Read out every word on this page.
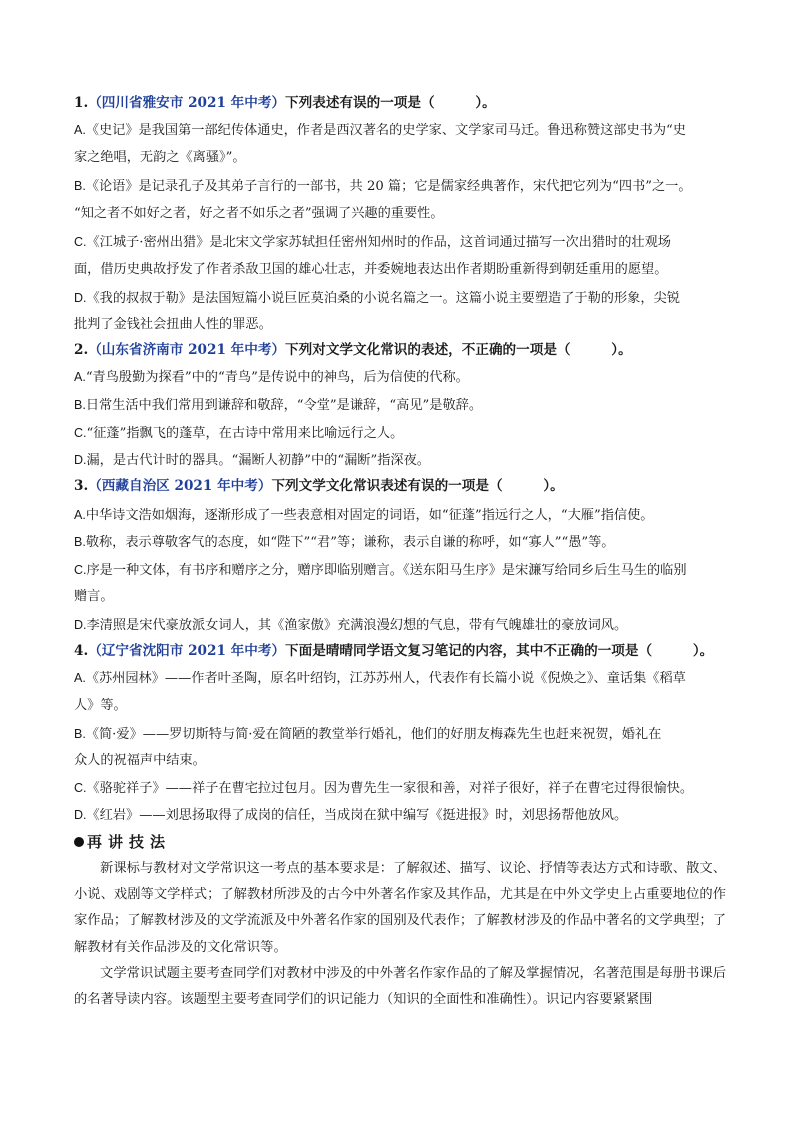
1.（四川省雅安市 2021 年中考）下列表述有误的一项是（　　　）。
A.《史记》是我国第一部纪传体通史，作者是西汉著名的史学家、文学家司马迁。鲁迅称赞这部史书为“史
家之绝唱，无韵之《离骚》”。
B.《论语》是记录孔子及其弟子言行的一部书，共 20 篇；它是儒家经典著作，宋代把它列为“四书”之一。
“知之者不如好之者，好之者不如乐之者”强调了兴趣的重要性。
C.《江城子·密州出猎》是北宋文学家苏轼担任密州知州时的作品，这首词通过描写一次出猎时的壮观场
面，借历史典故抒发了作者杀敌卫国的雄心壮志，并委婉地表达出作者期盼重新得到朝廷重用的愿望。
D.《我的叔叔于勒》是法国短篇小说巨匠莫泊桑的小说名篇之一。这篇小说主要塑造了于勒的形象，尖锐
批判了金钱社会扭曲人性的罪恶。
2.（山东省济南市 2021 年中考）下列对文学文化常识的表述，不正确的一项是（　　　）。
A.“青鸟殷勤为探看”中的“青鸟”是传说中的神鸟，后为信使的代称。
B.日常生活中我们常用到谦辞和敬辞，“令堂”是谦辞，“高见”是敬辞。
C.“征蓬”指飘飞的蓬草，在古诗中常用来比喻远行之人。
D.漏，是古代计时的器具。“漏断人初静”中的“漏断”指深夜。
3.（西藏自治区 2021 年中考）下列文学文化常识表述有误的一项是（　　　）。
A.中华诗文浩如烟海，逐渐形成了一些表意相对固定的词语，如“征蓬”指远行之人，“大雁”指信使。
B.敬称，表示尊敬客气的态度，如“陛下”“君”等；谦称，表示自谦的称呼，如“寡人”“愚”等。
C.序是一种文体，有书序和赠序之分，赠序即临别赠言。《送东阳马生序》是宋濂写给同乡后生马生的临别
赠言。
D.李清照是宋代豪放派女词人，其《渔家傲》充满浪漫幻想的气息，带有气魄雄壮的豪放词风。
4.（辽宁省沈阳市 2021 年中考）下面是晴晴同学语文复习笔记的内容，其中不正确的一项是（　　　）。
A.《苏州园林》——作者叶圣陶，原名叶绍钧，江苏苏州人，代表作有长篇小说《倪焕之》、童话集《稻草
人》等。
B.《简·爱》——罗切斯特与简·爱在简陋的教堂举行婚礼，他们的好朋友梅森先生也赶来祝贺，婚礼在
众人的祝福声中结束。
C.《骆驼祥子》——祥子在曹宅拉过包月。因为曹先生一家很和善，对祥子很好，祥子在曹宅过得很愉快。
D.《红岩》——刘思扬取得了成岗的信任，当成岗在狱中编写《挺进报》时，刘思扬帮他放风。
再讲技法
新课标与教材对文学常识这一考点的基本要求是：了解叙述、描写、议论、抒情等表达方式和诗歌、散文、小说、戏剧等文学样式；了解教材所涉及的古今中外著名作家及其作品，尤其是在中外文学史上占重要地位的作家作品；了解教材涉及的文学流派及中外著名作家的国别及代表作；了解教材涉及的作品中著名的文学典型；了解教材有关作品涉及的文化常识等。
文学常识试题主要考查同学们对教材中涉及的中外著名作家作品的了解及掌握情况，名著范围是每册书课后的名著导读内容。该题型主要考查同学们的识记能力（知识的全面性和准确性）。识记内容要紧紧围
